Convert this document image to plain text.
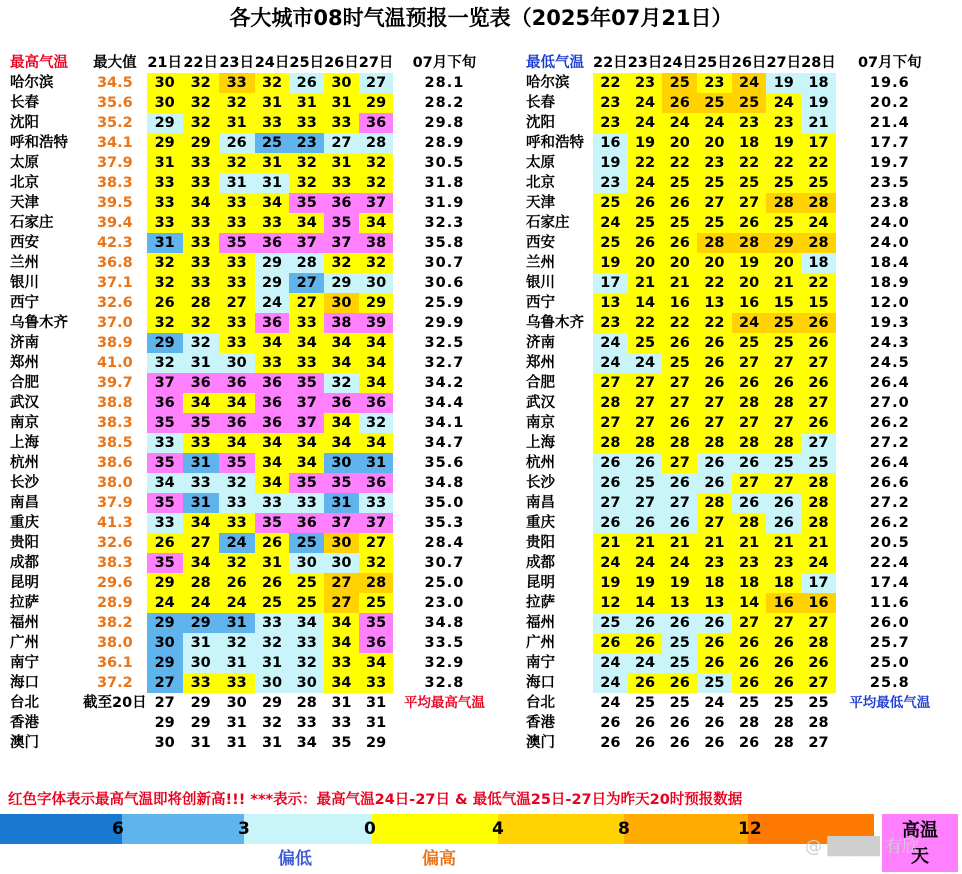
各大城市08时气温预报一览表（2025年07月21日）
最高气温	最大值	21日	22日	23日	24日	25日	26日	27日	07月下旬
哈尔滨	34.5	30	32	33	32	26	30	27	28.1
长春	35.6	30	32	32	31	31	31	29	28.2
沈阳	35.2	29	32	31	33	33	33	36	29.8
呼和浩特	34.1	29	29	26	25	23	27	28	28.9
太原	37.9	31	33	32	31	32	31	32	30.5
北京	38.3	33	33	31	31	32	33	32	31.8
天津	39.5	33	34	33	34	35	36	37	31.9
石家庄	39.4	33	33	33	33	34	35	34	32.3
西安	42.3	31	33	35	36	37	37	38	35.8
兰州	36.8	32	33	33	29	28	32	32	30.7
银川	37.1	32	33	33	29	27	29	30	30.6
西宁	32.6	26	28	27	24	27	30	29	25.9
乌鲁木齐	37.0	32	32	33	36	33	38	39	29.9
济南	38.9	29	32	33	34	34	34	34	32.5
郑州	41.0	32	31	30	33	33	34	34	32.7
合肥	39.7	37	36	36	36	35	32	34	34.2
武汉	38.8	36	34	34	36	37	36	36	34.4
南京	38.3	35	35	36	36	37	34	32	34.1
上海	38.5	33	33	34	34	34	34	34	34.7
杭州	38.6	35	31	35	34	34	30	31	35.6
长沙	38.0	34	33	32	34	35	35	36	34.8
南昌	37.9	35	31	33	33	33	31	33	35.0
重庆	41.3	33	34	33	35	36	37	37	35.3
贵阳	32.6	26	27	24	26	25	30	27	28.4
成都	38.3	35	34	32	31	30	30	32	30.7
昆明	29.6	29	28	26	26	25	27	28	25.0
拉萨	28.9	24	24	24	25	25	27	25	23.0
福州	38.2	29	29	31	33	34	34	35	34.8
广州	38.0	30	31	32	32	33	34	36	33.5
南宁	36.1	29	30	31	31	32	33	34	32.9
海口	37.2	27	33	33	30	30	34	33	32.8
台北	截至20日	27	29	30	29	28	31	31	平均最高气温
香港		29	29	31	32	33	33	31	
澳门		30	31	31	31	34	35	29	
最低气温	22日	23日	24日	25日	26日	27日	28日	07月下旬
哈尔滨	22	23	25	23	24	19	18	19.6
长春	23	24	26	25	25	24	19	20.2
沈阳	23	24	24	24	23	23	21	21.4
呼和浩特	16	19	20	20	18	19	17	17.7
太原	19	22	22	23	22	22	22	19.7
北京	23	24	25	25	25	25	25	23.5
天津	25	26	26	27	27	28	28	23.8
石家庄	24	25	25	25	26	25	24	24.0
西安	25	26	26	28	28	29	28	24.0
兰州	19	20	20	20	19	20	18	18.4
银川	17	21	21	22	20	21	22	18.9
西宁	13	14	16	13	16	15	15	12.0
乌鲁木齐	23	22	22	22	24	25	26	19.3
济南	24	25	26	26	25	25	26	24.3
郑州	24	24	25	26	27	27	27	24.5
合肥	27	27	27	26	26	26	26	26.4
武汉	28	27	27	27	28	28	27	27.0
南京	27	27	26	27	27	27	26	26.2
上海	28	28	28	28	28	28	27	27.2
杭州	26	26	27	26	26	25	25	26.4
长沙	26	25	26	26	27	27	28	26.6
南昌	27	27	27	28	26	26	28	27.2
重庆	26	26	26	27	28	26	28	26.2
贵阳	21	21	21	21	21	21	21	20.5
成都	24	24	24	23	23	23	24	22.4
昆明	19	19	19	18	18	18	17	17.4
拉萨	12	14	13	13	14	16	16	11.6
福州	25	26	26	26	27	27	27	26.0
广州	26	26	25	26	26	26	28	25.7
南宁	24	24	25	26	26	26	26	25.0
海口	24	26	26	25	26	26	27	25.8
台北	24	25	25	24	25	25	25	平均最低气温
香港	26	26	26	26	28	28	28	
澳门	26	26	26	26	26	28	27	
红色字体表示最高气温即将创新高!!! ***表示：最高气温24日-27日 & 最低气温25日-27日为昨天20时预报数据
6	3	0	4	8	12	高温
天
偏低	偏高
@ ████ 有欣
